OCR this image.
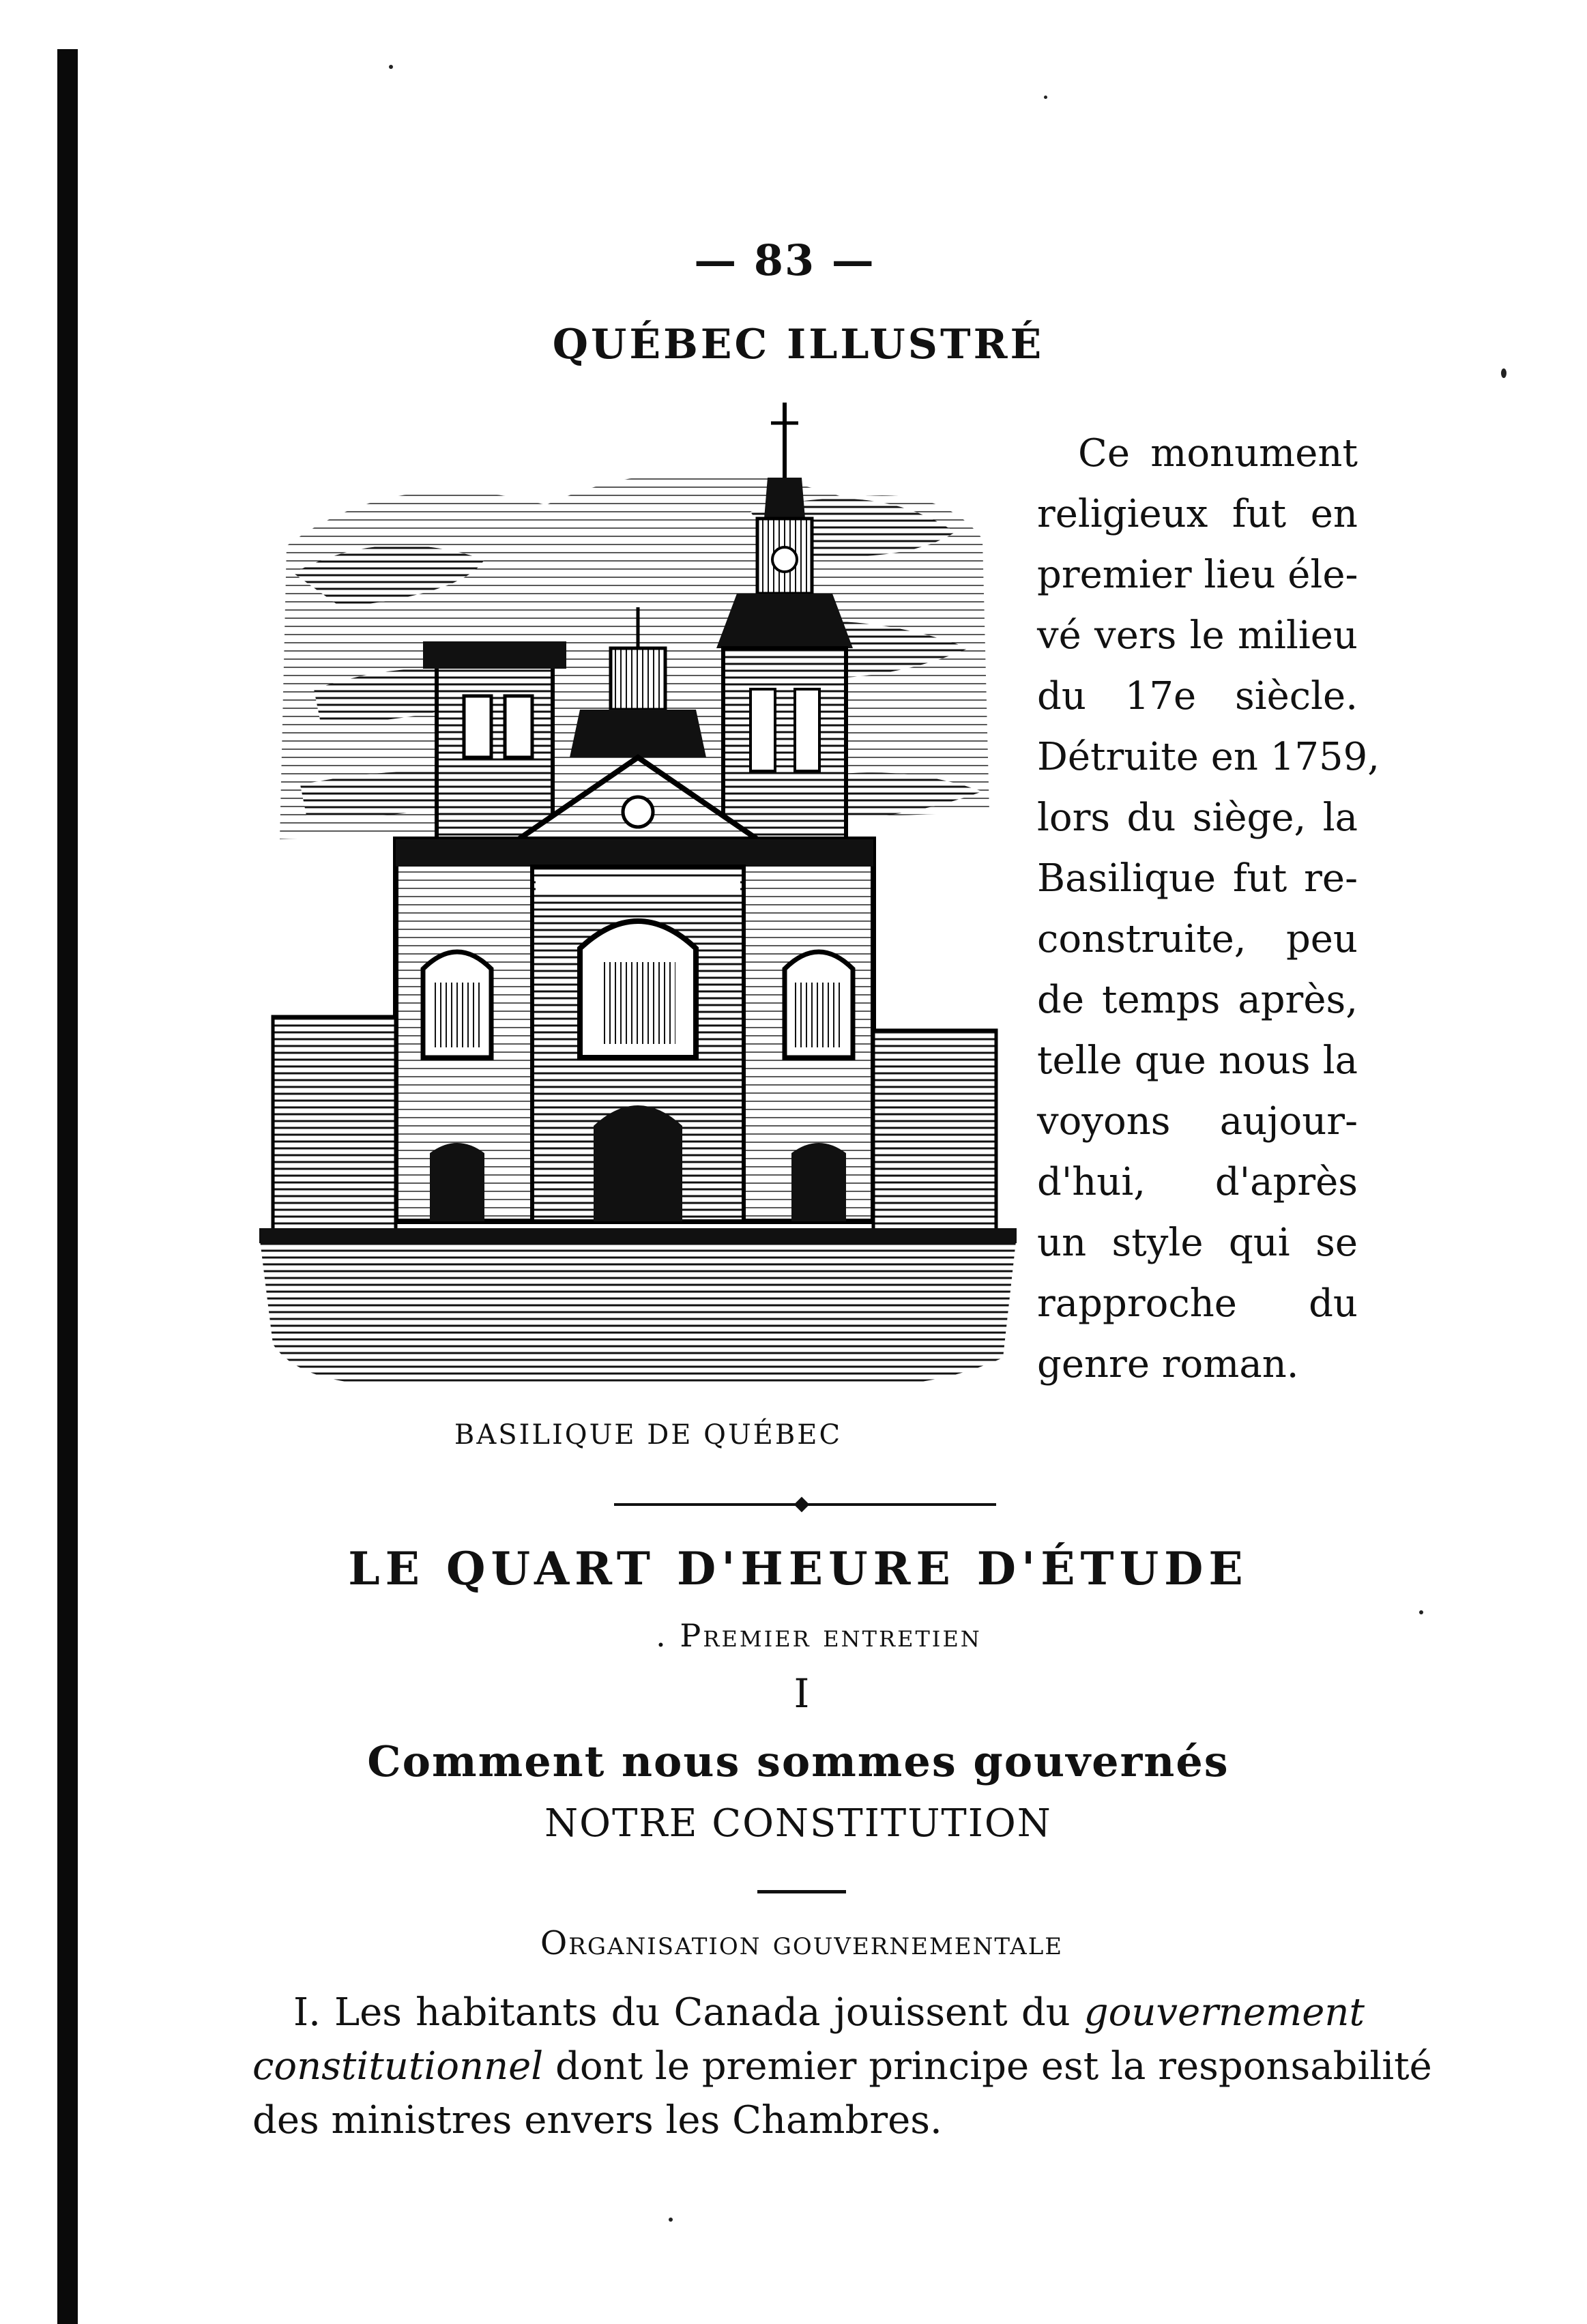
— 83 —
QUÉBEC ILLUSTRÉ
Ce monument
religieux fut en
premier lieu éle-
vé vers le milieu
du 17e siècle.
Détruite en 1759,
lors du siège, la
Basilique fut re-
construite, peu
de temps après,
telle que nous la
voyons aujour-
d'hui, d'après
un style qui se
rapproche du
genre roman.
BASILIQUE DE QUÉBEC
LE QUART D'HEURE D'ÉTUDE
. Premier entretien
I
Comment nous sommes gouvernés
NOTRE CONSTITUTION
Organisation gouvernementale
I. Les habitants du Canada jouissent du gouvernement
constitutionnel dont le premier principe est la responsabilité
des ministres envers les Chambres.
